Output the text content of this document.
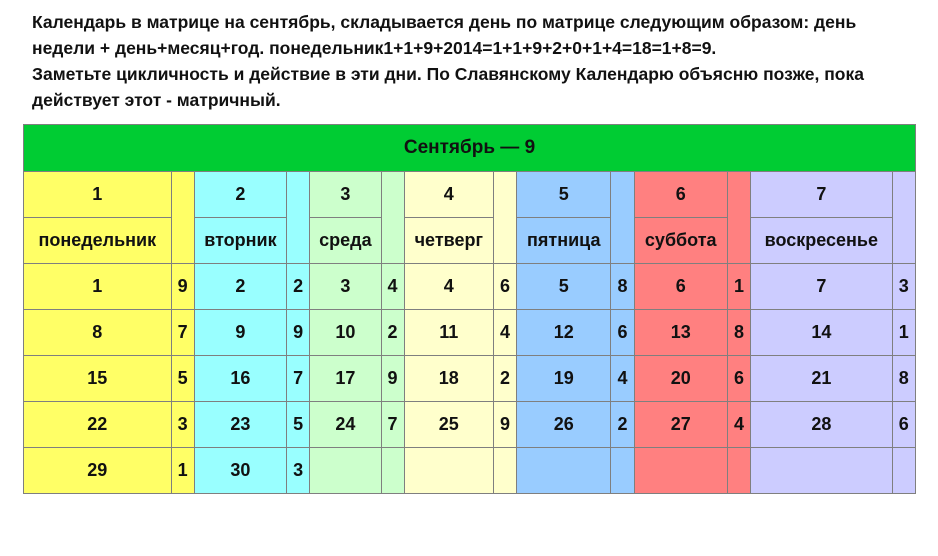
Календарь в матрице на сентябрь, складывается день по матрице следующим образом: день недели + день+месяц+год. понедельник1+1+9+2014=1+1+9+2+0+1+4=18=1+8=9.

Заметьте цикличность и действие в эти дни. По Славянскому Календарю объясню позже, пока действует этот - матричный.

Сентябрь — 9													
1		2		3		4		5		6		7	
понедельник		вторник		среда		четверг		пятница		суббота		воскресенье	
1	9	2	2	3	4	4	6	5	8	6	1	7	3
8	7	9	9	10	2	11	4	12	6	13	8	14	1
15	5	16	7	17	9	18	2	19	4	20	6	21	8
22	3	23	5	24	7	25	9	26	2	27	4	28	6
29	1	30	3										
